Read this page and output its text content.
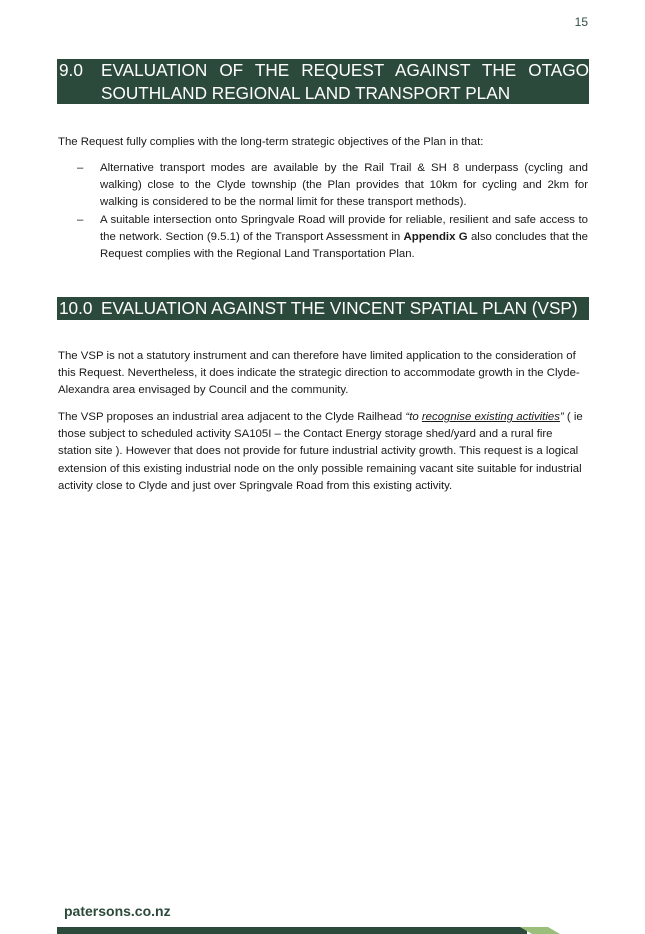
15
9.0	EVALUATION OF THE REQUEST AGAINST THE OTAGO
SOUTHLAND REGIONAL LAND TRANSPORT PLAN
The Request fully complies with the long-term strategic objectives of the Plan in that:
– Alternative transport modes are available by the Rail Trail & SH 8 underpass (cycling and walking) close to the Clyde township (the Plan provides that 10km for cycling and 2km for walking is considered to be the normal limit for these transport methods).
– A suitable intersection onto Springvale Road will provide for reliable, resilient and safe access to the network. Section (9.5.1) of the Transport Assessment in Appendix G also concludes that the Request complies with the Regional Land Transportation Plan.
10.0 EVALUATION AGAINST THE VINCENT SPATIAL PLAN (VSP)
The VSP is not a statutory instrument and can therefore have limited application to the consideration of this Request. Nevertheless, it does indicate the strategic direction to accommodate growth in the Clyde- Alexandra area envisaged by Council and the community.
The VSP proposes an industrial area adjacent to the Clyde Railhead “to recognise existing activities” ( ie those subject to scheduled activity SA105I – the Contact Energy storage shed/yard and a rural fire station site ). However that does not provide for future industrial activity growth. This request is a logical extension of this existing industrial node on the only possible remaining vacant site suitable for industrial activity close to Clyde and just over Springvale Road from this existing activity.
patersons.co.nz
